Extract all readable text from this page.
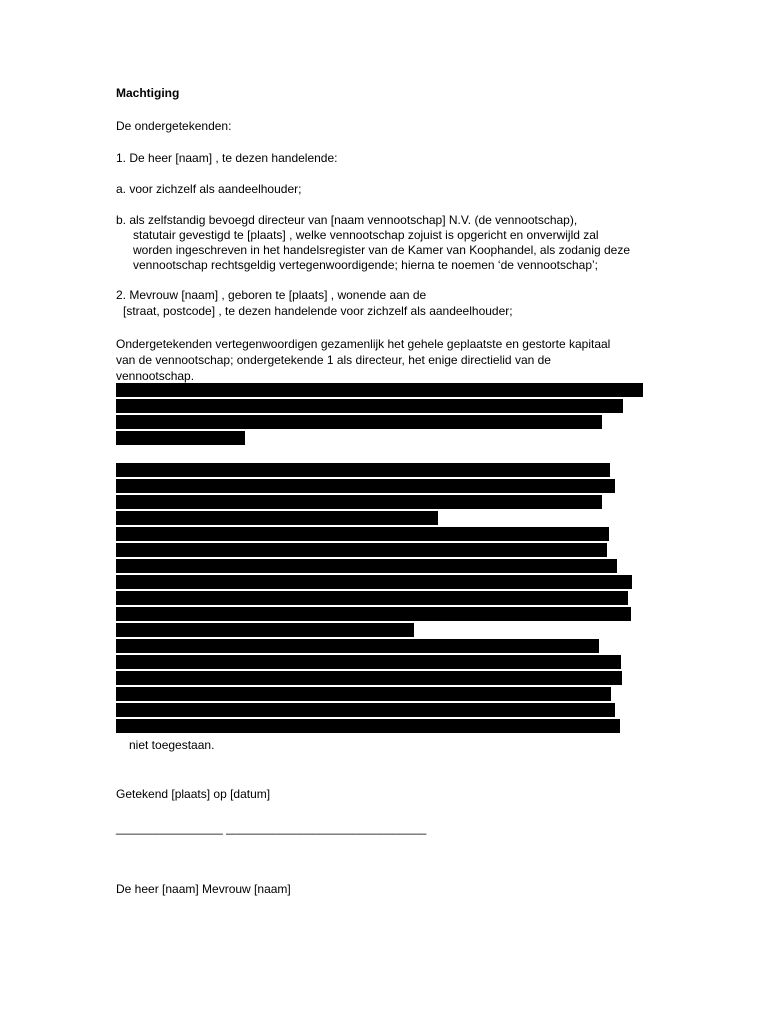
Machtiging

De ondergetekenden:

1. De heer [naam] , te dezen handelende:

a. voor zichzelf als aandeelhouder;

b. als zelfstandig bevoegd directeur van [naam vennootschap] N.V. (de vennootschap),

statutair gevestigd te [plaats] , welke vennootschap zojuist is opgericht en onverwijld zal

worden ingeschreven in het handelsregister van de Kamer van Koophandel, als zodanig deze

vennootschap rechtsgeldig vertegenwoordigende; hierna te noemen ‘de vennootschap’;

2. Mevrouw [naam] , geboren te [plaats] , wonende aan de

[straat, postcode] , te dezen handelende voor zichzelf als aandeelhouder;

Ondergetekenden vertegenwoordigen gezamenlijk het gehele geplaatste en gestorte kapitaal

van de vennootschap; ondergetekende 1 als directeur, het enige directielid van de

vennootschap.

niet toegestaan.

Getekend [plaats] op [datum]

________________ ______________________________

De heer [naam] Mevrouw [naam]
